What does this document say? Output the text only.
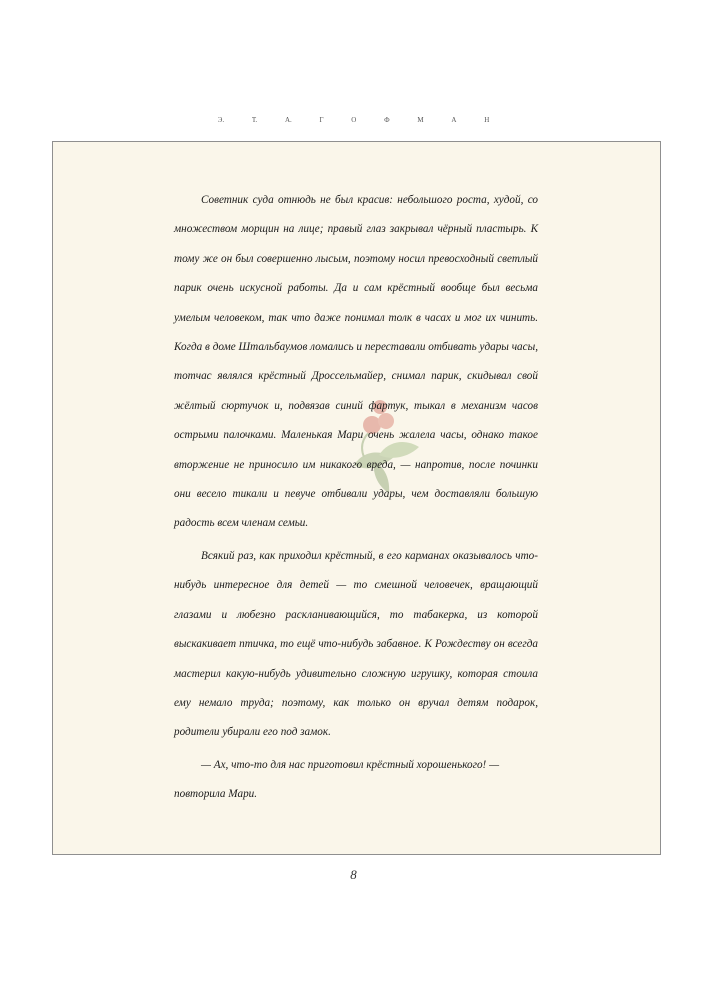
Э.	Т.	А.	Г	О	Ф	М	А	Н

Советник суда отнюдь не был красив: небольшого роста, худой, со множеством морщин на лице; правый глаз закрывал чёрный пластырь. К тому же он был совершенно лысым, поэтому носил превосходный светлый парик очень искусной работы. Да и сам крёстный вообще был весьма умелым человеком, так что даже понимал толк в часах и мог их чинить. Когда в доме Штальбаумов ломались и переставали отбивать удары часы, тотчас являлся крёстный Дроссельмайер, снимал парик, скидывал свой жёлтый сюртучок и, подвязав синий фартук, тыкал в механизм часов острыми палочками. Маленькая Мари очень жалела часы, однако такое вторжение не приносило им никакого вреда, — напротив, после починки они весело тикали и певуче отбивали удары, чем доставляли большую радость всем членам семьи.

Всякий раз, как приходил крёстный, в его карманах оказывалось что-нибудь интересное для детей — то смешной человечек, вращающий глазами и любезно раскланивающийся, то табакерка, из которой выскакивает птичка, то ещё что-нибудь забавное. К Рождеству он всегда мастерил какую-нибудь удивительно сложную игрушку, которая стоила ему немало труда; поэтому, как только он вручал детям подарок, родители убирали его под замок.

— Ах, что-то для нас приготовил крёстный хорошенького! —

повторила Мари.

8
